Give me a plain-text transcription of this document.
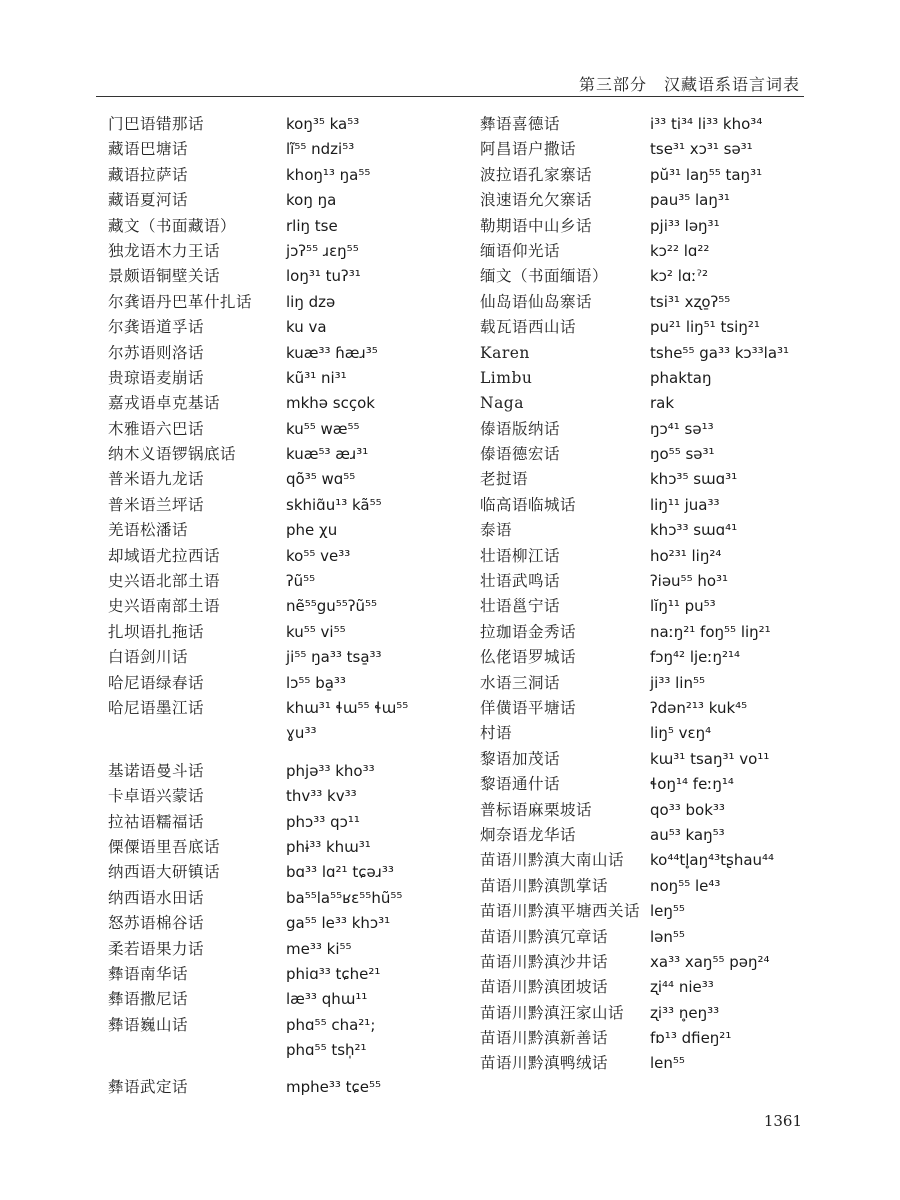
第三部分　汉藏语系语言词表
门巴语错那话	koŋ³⁵ ka⁵³
藏语巴塘话	lĩ⁵⁵ ndzi⁵³
藏语拉萨话	khoŋ¹³ ŋa⁵⁵
藏语夏河话	koŋ ŋa
藏文（书面藏语）	rliŋ tse
独龙语木力王话	jɔʔ⁵⁵ ɹɛŋ⁵⁵
景颇语铜壁关话	loŋ³¹ tuʔ³¹
尔龚语丹巴革什扎话 liŋ dzə
尔龚语道孚话	ku va
尔苏语则洛话	kuæ³³ ɦæɹ³⁵
贵琼语麦崩话	kũ³¹ ni³¹
嘉戎语卓克基话	mkhə scçok
木雅语六巴话	ku⁵⁵ wæ⁵⁵
纳木义语锣锅底话	kuæ⁵³ æɹ³¹
普米语九龙话	qõ³⁵ wɑ⁵⁵
普米语兰坪话	skhiɑ̃u¹³ kã⁵⁵
羌语松潘话	phe χu
却域语尤拉西话	ko⁵⁵ ve³³
史兴语北部土语	ʔũ⁵⁵
史兴语南部土语	nẽ⁵⁵gu⁵⁵ʔũ⁵⁵
扎坝语扎拖话	ku⁵⁵ vi⁵⁵
白语剑川话	ji⁵⁵ ŋa³³ tsa̱³³
哈尼语绿春话	lɔ⁵⁵ ba̱³³
哈尼语墨江话	khɯ³¹ ɬɯ⁵⁵ ɬɯ⁵⁵
ɣu³³
基诺语曼斗话	phjə³³ kho³³
卡卓语兴蒙话	thv³³ kv³³
拉祜语糯福话	phɔ³³ qɔ¹¹
傈僳语里吾底话	phɨ³³ khɯ³¹
纳西语大研镇话	bɑ³³ lɑ²¹ tɕəɹ³³
纳西语水田话	ba⁵⁵la⁵⁵ʁɛ⁵⁵hũ⁵⁵
怒苏语棉谷话	ga⁵⁵ le³³ khɔ³¹
柔若语果力话	me³³ ki⁵⁵
彝语南华话	phiɑ³³ tɕhe²¹
彝语撒尼话	læ³³ qhɯ¹¹
彝语巍山话	phɑ⁵⁵ cha²¹;
phɑ⁵⁵ tsh̩²¹
彝语武定话	mphe³³ tɕe⁵⁵
彝语喜德话	i³³ ti³⁴ li³³ kho³⁴
阿昌语户撒话	tse³¹ xɔ³¹ sə³¹
波拉语孔家寨话	pŭ³¹ laŋ⁵⁵ taŋ³¹
浪速语允欠寨话	pau³⁵ laŋ³¹
勒期语中山乡话	pji³³ ləŋ³¹
缅语仰光话	kɔ²² lɑ²²
缅文（书面缅语）	kɔ² lɑːˀ²
仙岛语仙岛寨话	tsi³¹ xʐo̱ʔ⁵⁵
载瓦语西山话	pu²¹ liŋ⁵¹ tsiŋ²¹
Karen	tshe⁵⁵ ga³³ kɔ³³la³¹
Limbu	phaktaŋ
Naga	rak
傣语版纳话	ŋɔ⁴¹ sə¹³
傣语德宏话	ŋo⁵⁵ sə³¹
老挝语	khɔ³⁵ sɯɑ³¹
临高语临城话	liŋ¹¹ jua³³
泰语	khɔ³³ sɯɑ⁴¹
壮语柳江话	ho²³¹ liŋ²⁴
壮语武鸣话	ʔiəu⁵⁵ ho³¹
壮语邕宁话	lĭŋ¹¹ pu⁵³
拉珈语金秀话	naːŋ²¹ foŋ⁵⁵ liŋ²¹
仫佬语罗城话	fɔŋ⁴² ljeːŋ²¹⁴
水语三洞话	ji³³ lin⁵⁵
佯僙语平塘话	ʔdən²¹³ kuk⁴⁵
村语	liŋ⁵ vɛŋ⁴
黎语加茂话	kɯ³¹ tsaŋ³¹ vo¹¹
黎语通什话	ɬoŋ¹⁴ feːŋ¹⁴
普标语麻栗坡话	qo³³ bok³³
炯奈语龙华话	au⁵³ kaŋ⁵³
苗语川黔滇大南山话 ko⁴⁴tl̥aŋ⁴³tʂhau⁴⁴
苗语川黔滇凯掌话	noŋ⁵⁵ le⁴³
苗语川黔滇平塘西关话 leŋ⁵⁵
苗语川黔滇冗章话	lən⁵⁵
苗语川黔滇沙井话	xa³³ xaŋ⁵⁵ pəŋ²⁴
苗语川黔滇团坡话	ʐi⁴⁴ nie³³
苗语川黔滇汪家山话 ʐi³³ n̥eŋ³³
苗语川黔滇新善话	fɒ¹³ dfieŋ²¹
苗语川黔滇鸭绒话	len⁵⁵
1361
